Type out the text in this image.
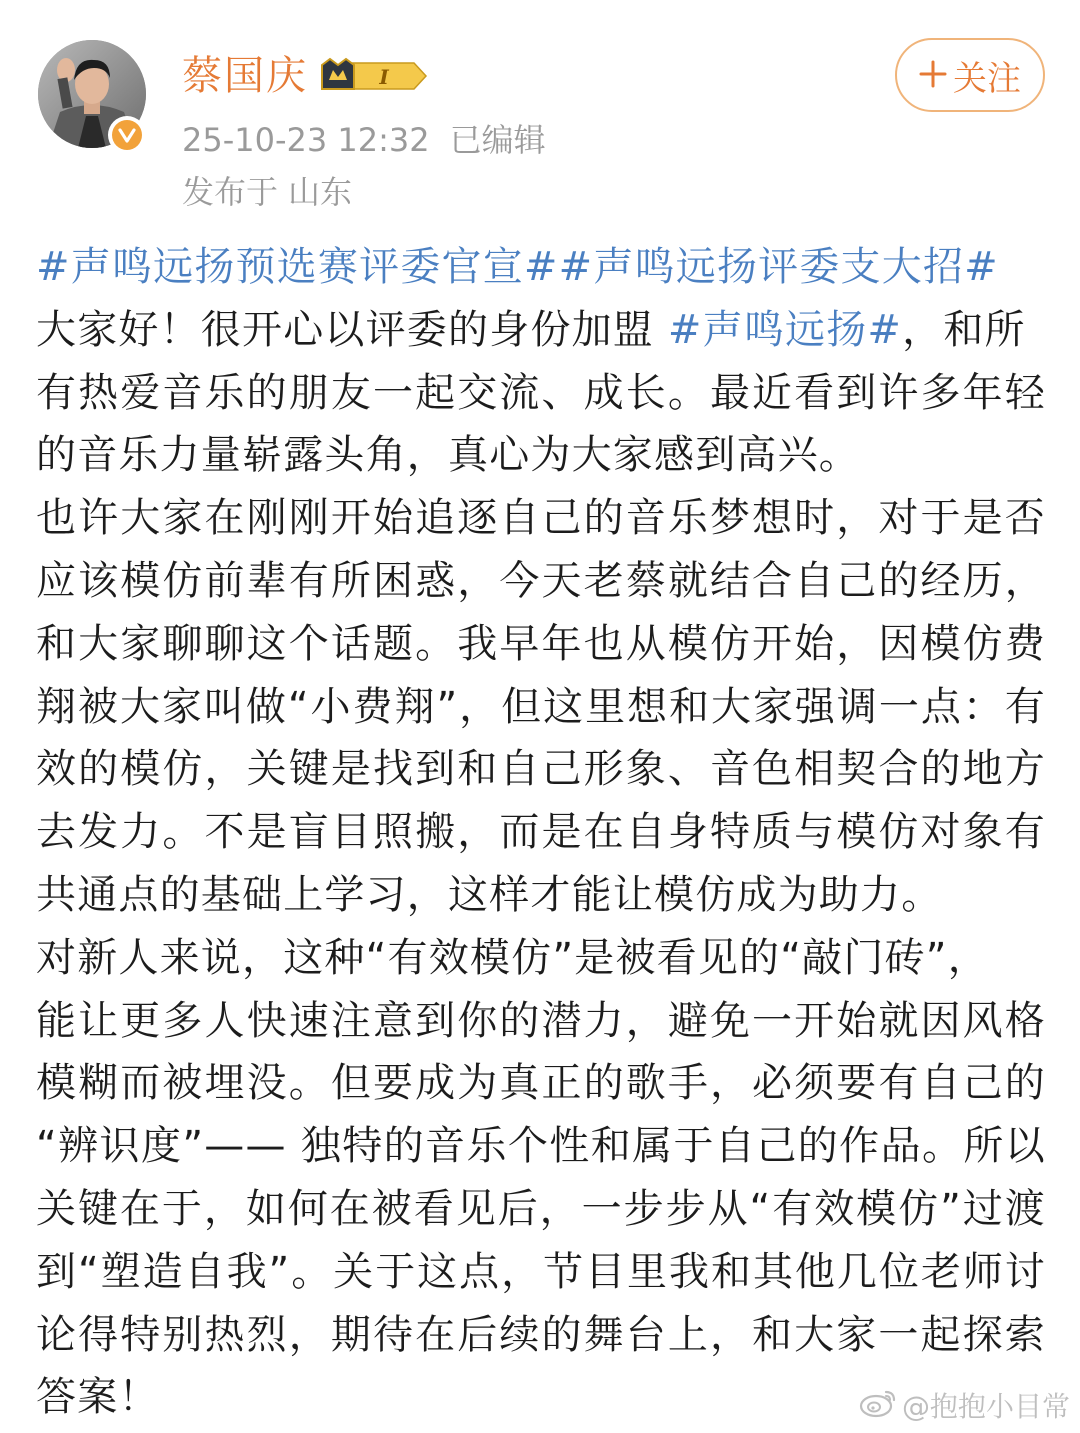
蔡国庆	I
25-10-23 12:32 已编辑
发布于 山东
关注
#声鸣远扬预选赛评委官宣##声鸣远扬评委支大招#
大家好！很开心以评委的身份加盟 #声鸣远扬#，和所
有热爱音乐的朋友一起交流、成长。最近看到许多年轻
的音乐力量崭露头角，真心为大家感到高兴。
也许大家在刚刚开始追逐自己的音乐梦想时，对于是否
应该模仿前辈有所困惑，今天老蔡就结合自己的经历，
和大家聊聊这个话题。我早年也从模仿开始，因模仿费
翔被大家叫做“小费翔”，但这里想和大家强调一点：有
效的模仿，关键是找到和自己形象、音色相契合的地方
去发力。不是盲目照搬，而是在自身特质与模仿对象有
共通点的基础上学习，这样才能让模仿成为助力。
对新人来说，这种“有效模仿”是被看见的“敲门砖”，
能让更多人快速注意到你的潜力，避免一开始就因风格
模糊而被埋没。但要成为真正的歌手，必须要有自己的
“辨识度”—— 独特的音乐个性和属于自己的作品。所以
关键在于，如何在被看见后，一步步从“有效模仿”过渡
到“塑造自我”。关于这点，节目里我和其他几位老师讨
论得特别热烈，期待在后续的舞台上，和大家一起探索
答案！	@抱抱小目常
